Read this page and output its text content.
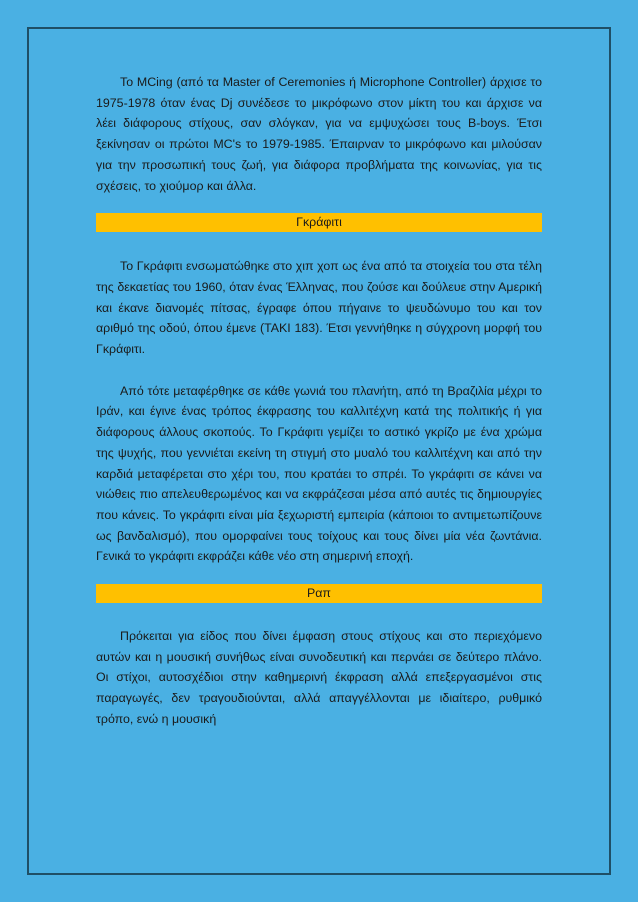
To MCing (από τα Master of Ceremonies ή Microphone Controller) άρχισε το 1975-1978 όταν ένας Dj συνέδεσε το μικρόφωνο στον μίκτη του και άρχισε να λέει διάφορους στίχους, σαν σλόγκαν, για να εμψυχώσει τους B-boys. Έτσι ξεκίνησαν οι πρώτοι MC's το 1979-1985. Έπαιρναν το μικρόφωνο και μιλούσαν για την προσωπική τους ζωή, για διάφορα προβλήματα της κοινωνίας, για τις σχέσεις, το χιούμορ και άλλα.

Γκράφιτι

Το Γκράφιτι ενσωματώθηκε στο χιπ χοπ ως ένα από τα στοιχεία του στα τέλη της δεκαετίας του 1960, όταν ένας Έλληνας, που ζούσε και δούλευε στην Αμερική και έκανε διανομές πίτσας, έγραφε όπου πήγαινε το ψευδώνυμο του και τον αριθμό της οδού, όπου έμενε (TAKI 183). Έτσι γεννήθηκε η σύγχρονη μορφή του Γκράφιτι.

Από τότε μεταφέρθηκε σε κάθε γωνιά του πλανήτη, από τη Βραζιλία μέχρι το Ιράν, και έγινε ένας τρόπος έκφρασης του καλλιτέχνη κατά της πολιτικής ή για διάφορους άλλους σκοπούς. Το Γκράφιτι γεμίζει το αστικό γκρίζο με ένα χρώμα της ψυχής, που γεννιέται εκείνη τη στιγμή στο μυαλό του καλλιτέχνη και από την καρδιά μεταφέρεται στο χέρι του, που κρατάει το σπρέι. Το γκράφιτι σε κάνει να νιώθεις πιο απελευθερωμένος και να εκφράζεσαι μέσα από αυτές τις δημιουργίες που κάνεις. Το γκράφιτι είναι μία ξεχωριστή εμπειρία (κάποιοι το αντιμετωπίζουνε ως βανδαλισμό), που ομορφαίνει τους τοίχους και τους δίνει μία νέα ζωντάνια. Γενικά το γκράφιτι εκφράζει κάθε νέο στη σημερινή εποχή.

Ραπ

Πρόκειται για είδος που δίνει έμφαση στους στίχους και στο περιεχόμενο αυτών και η μουσική συνήθως είναι συνοδευτική και περνάει σε δεύτερο πλάνο. Οι στίχοι, αυτοσχέδιοι στην καθημερινή έκφραση αλλά επεξεργασμένοι στις παραγωγές, δεν τραγουδιούνται, αλλά απαγγέλλονται με ιδιαίτερο, ρυθμικό τρόπο, ενώ η μουσική
